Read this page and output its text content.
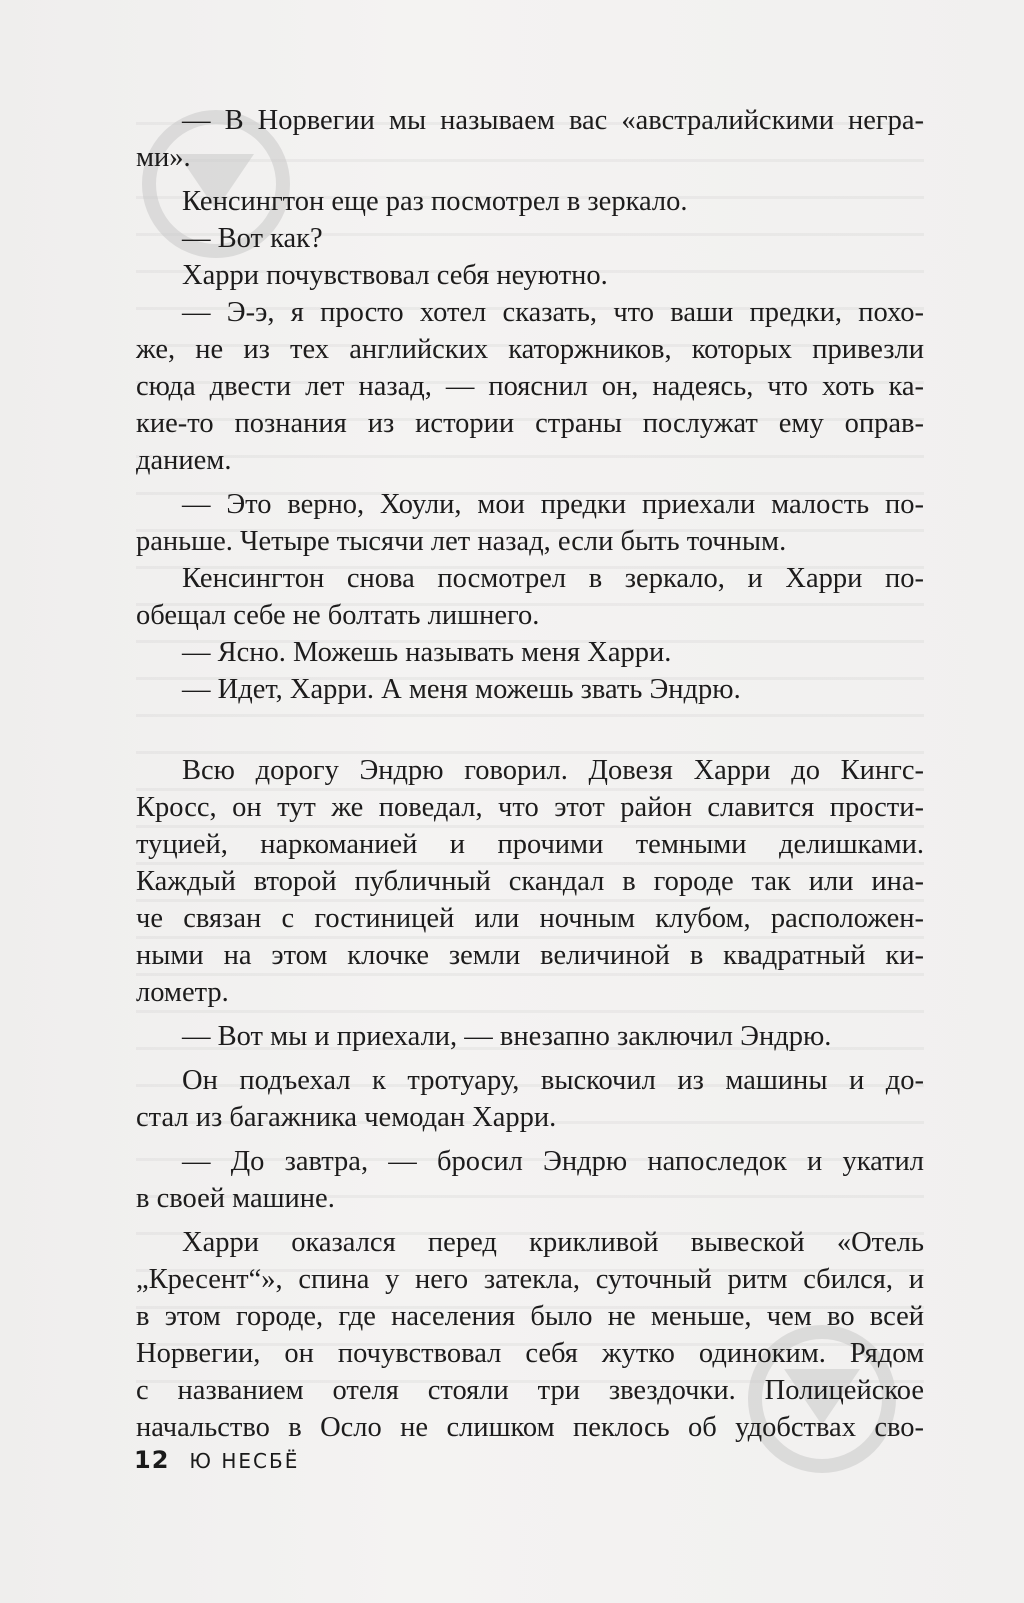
— В Норвегии мы называем вас «австралийскими негра-
ми».

Кенсингтон еще раз посмотрел в зеркало.

— Вот как?

Харри почувствовал себя неуютно.

— Э-э, я просто хотел сказать, что ваши предки, похо-
же, не из тех английских каторжников, которых привезли
сюда двести лет назад, — пояснил он, надеясь, что хоть ка-
кие-то познания из истории страны послужат ему оправ-
данием.

— Это верно, Хоули, мои предки приехали малость по-
раньше. Четыре тысячи лет назад, если быть точным.

Кенсингтон снова посмотрел в зеркало, и Харри по-
обещал себе не болтать лишнего.

— Ясно. Можешь называть меня Харри.

— Идет, Харри. А меня можешь звать Эндрю.

Всю дорогу Эндрю говорил. Довезя Харри до Кингс-
Кросс, он тут же поведал, что этот район славится прости-
туцией, наркоманией и прочими темными делишками.
Каждый второй публичный скандал в городе так или ина-
че связан с гостиницей или ночным клубом, расположен-
ными на этом клочке земли величиной в квадратный ки-
лометр.

— Вот мы и приехали, — внезапно заключил Эндрю.

Он подъехал к тротуару, выскочил из машины и до-
стал из багажника чемодан Харри.

— До завтра, — бросил Эндрю напоследок и укатил
в своей машине.

Харри оказался перед крикливой вывеской «Отель
„Кресент“», спина у него затекла, суточный ритм сбился, и
в этом городе, где населения было не меньше, чем во всей
Норвегии, он почувствовал себя жутко одиноким. Рядом
с названием отеля стояли три звездочки. Полицейское
начальство в Осло не слишком пеклось об удобствах сво-

12 Ю НЕСБЁ
